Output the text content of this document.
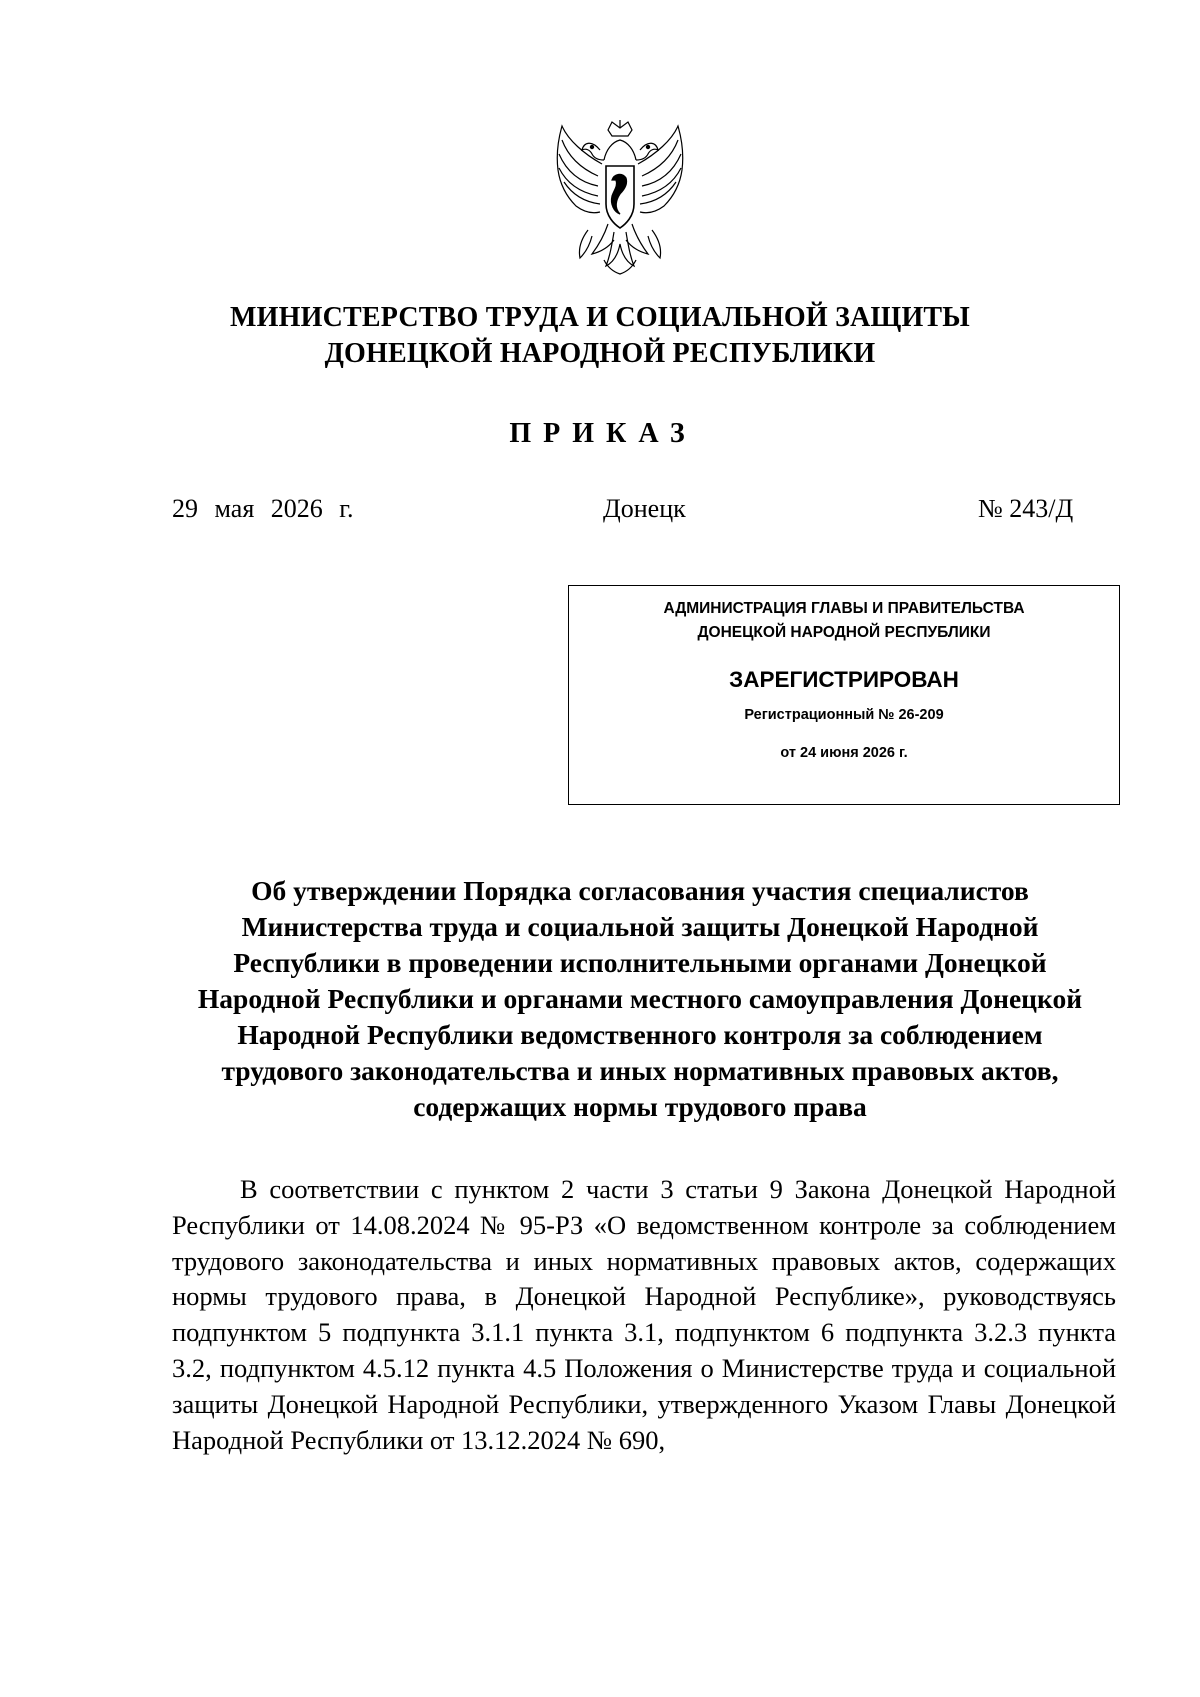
МИНИСТЕРСТВО ТРУДА И СОЦИАЛЬНОЙ ЗАЩИТЫ
ДОНЕЦКОЙ НАРОДНОЙ РЕСПУБЛИКИ
ПРИКАЗ
29 мая 2026 г.	Донецк	№ 243/Д
АДМИНИСТРАЦИЯ ГЛАВЫ И ПРАВИТЕЛЬСТВА
ДОНЕЦКОЙ НАРОДНОЙ РЕСПУБЛИКИ
ЗАРЕГИСТРИРОВАН
Регистрационный № 26-209
от 24 июня 2026 г.
Об утверждении Порядка согласования участия специалистов
Министерства труда и социальной защиты Донецкой Народной
Республики в проведении исполнительными органами Донецкой
Народной Республики и органами местного самоуправления Донецкой
Народной Республики ведомственного контроля за соблюдением
трудового законодательства и иных нормативных правовых актов,
содержащих нормы трудового права

В соответствии с пунктом 2 части 3 статьи 9 Закона Донецкой Народной Республики от 14.08.2024 № 95-РЗ «О ведомственном контроле за соблюдением трудового законодательства и иных нормативных правовых актов, содержащих нормы трудового права, в Донецкой Народной Республике», руководствуясь подпунктом 5 подпункта 3.1.1 пункта 3.1, подпунктом 6 подпункта 3.2.3 пункта 3.2, подпунктом 4.5.12 пункта 4.5 Положения о Министерстве труда и социальной защиты Донецкой Народной Республики, утвержденного Указом Главы Донецкой Народной Республики от 13.12.2024 № 690,
